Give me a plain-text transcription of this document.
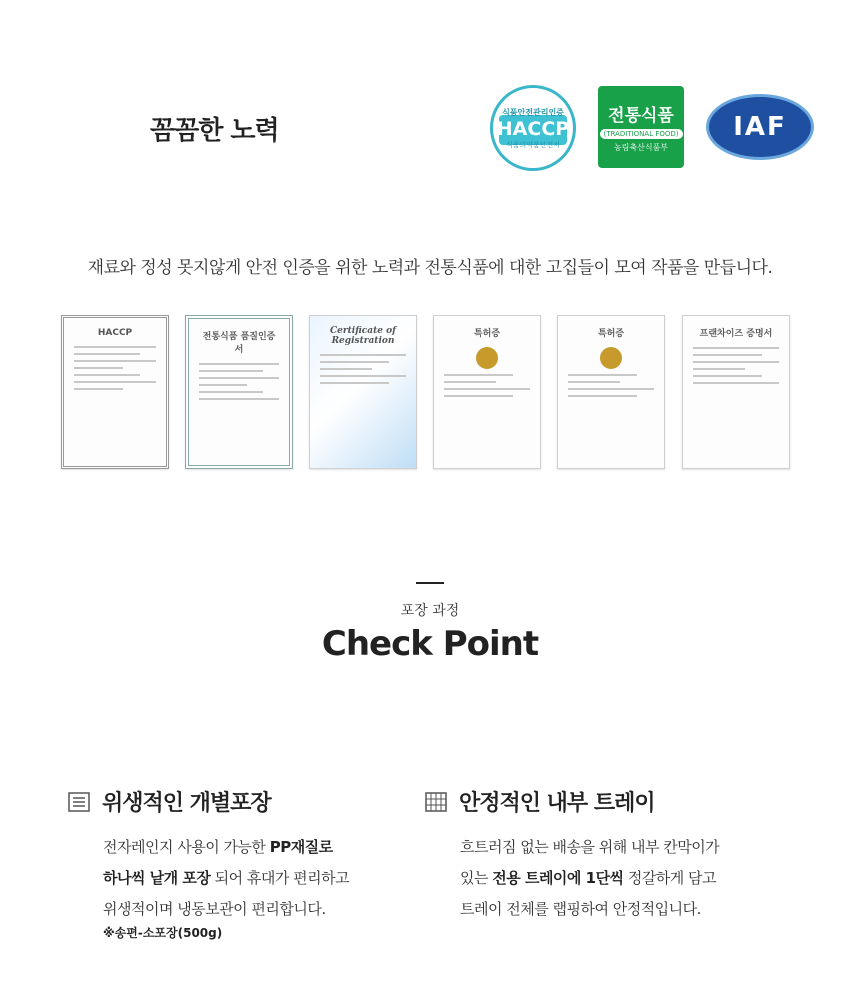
꼼꼼한 노력
식품안전관리인증
HACCP
식품의약품안전처
전통식품
(TRADITIONAL FOOD)
농림축산식품부
IAF
재료와 정성 못지않게 안전 인증을 위한 노력과 전통식품에 대한 고집들이 모여 작품을 만듭니다.
HACCP	전통식품 품질인증서
Certificate of Registration
특허증	특허증	프랜차이즈 증명서
포장 과정
Check Point
위생적인 개별포장	안정적인 내부 트레이
전자레인지 사용이 가능한 PP재질로
하나씩 낱개 포장 되어 휴대가 편리하고
위생적이며 냉동보관이 편리합니다.
※송편-소포장(500g)
흐트러짐 없는 배송을 위해 내부 칸막이가
있는 전용 트레이에 1단씩 정갈하게 담고
트레이 전체를 랩핑하여 안정적입니다.
